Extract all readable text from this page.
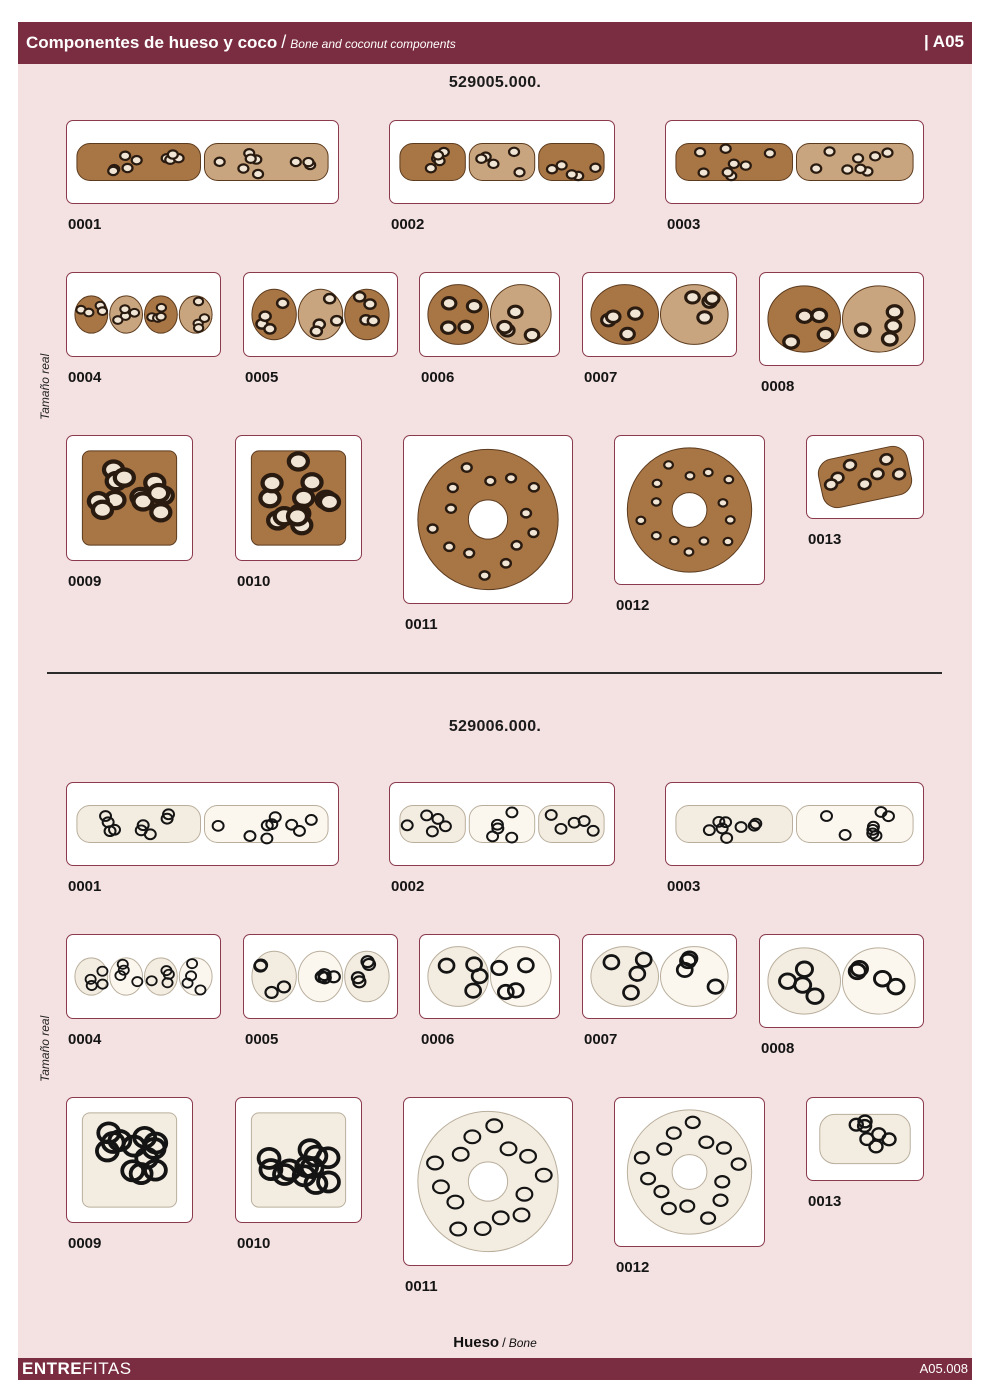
Componentes de hueso y coco / Bone and coconut components	| A05
529005.000.
529006.000.
Tamaño real
Tamaño real
0001	0002	0003
0004	0005	0006	0007
0008
0009	0010
0011
0012
0013
0001	0002	0003
0004	0005	0006	0007
0008
0009	0010
0011
0012
0013
Hueso / Bone
ENTREFITAS	A05.008
